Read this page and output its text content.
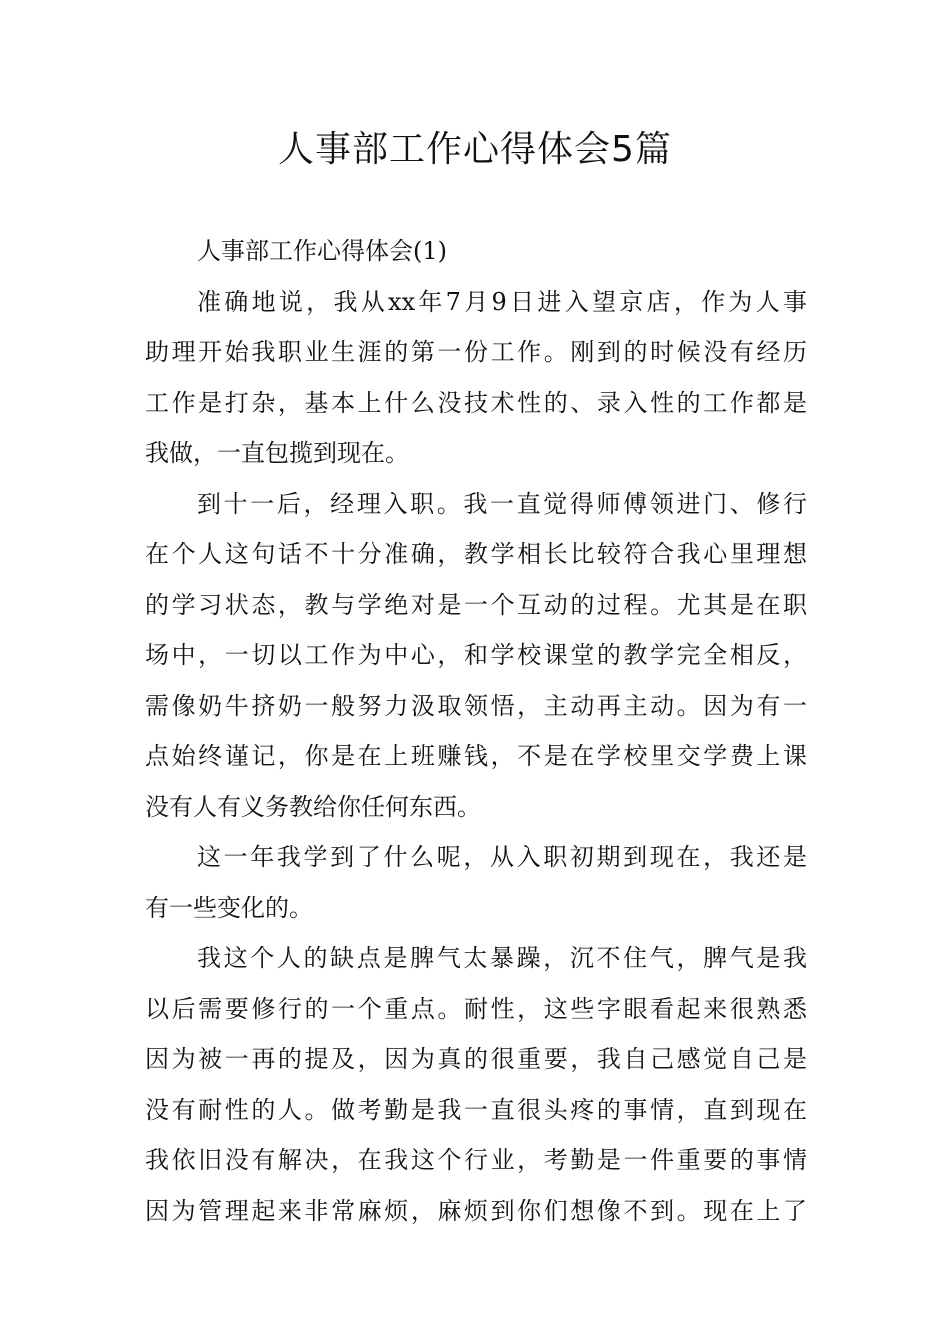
人事部工作心得体会5篇
人事部工作心得体会(1)
准确地说，我从xx年7月9日进入望京店，作为人事
助理开始我职业生涯的第一份工作。刚到的时候没有经历
工作是打杂，基本上什么没技术性的、录入性的工作都是
我做，一直包揽到现在。
到十一后，经理入职。我一直觉得师傅领进门、修行
在个人这句话不十分准确，教学相长比较符合我心里理想
的学习状态，教与学绝对是一个互动的过程。尤其是在职
场中，一切以工作为中心，和学校课堂的教学完全相反，
需像奶牛挤奶一般努力汲取领悟，主动再主动。因为有一
点始终谨记，你是在上班赚钱，不是在学校里交学费上课
没有人有义务教给你任何东西。
这一年我学到了什么呢，从入职初期到现在，我还是
有一些变化的。
我这个人的缺点是脾气太暴躁，沉不住气，脾气是我
以后需要修行的一个重点。耐性，这些字眼看起来很熟悉
因为被一再的提及，因为真的很重要，我自己感觉自己是
没有耐性的人。做考勤是我一直很头疼的事情，直到现在
我依旧没有解决，在我这个行业，考勤是一件重要的事情
因为管理起来非常麻烦，麻烦到你们想像不到。现在上了
